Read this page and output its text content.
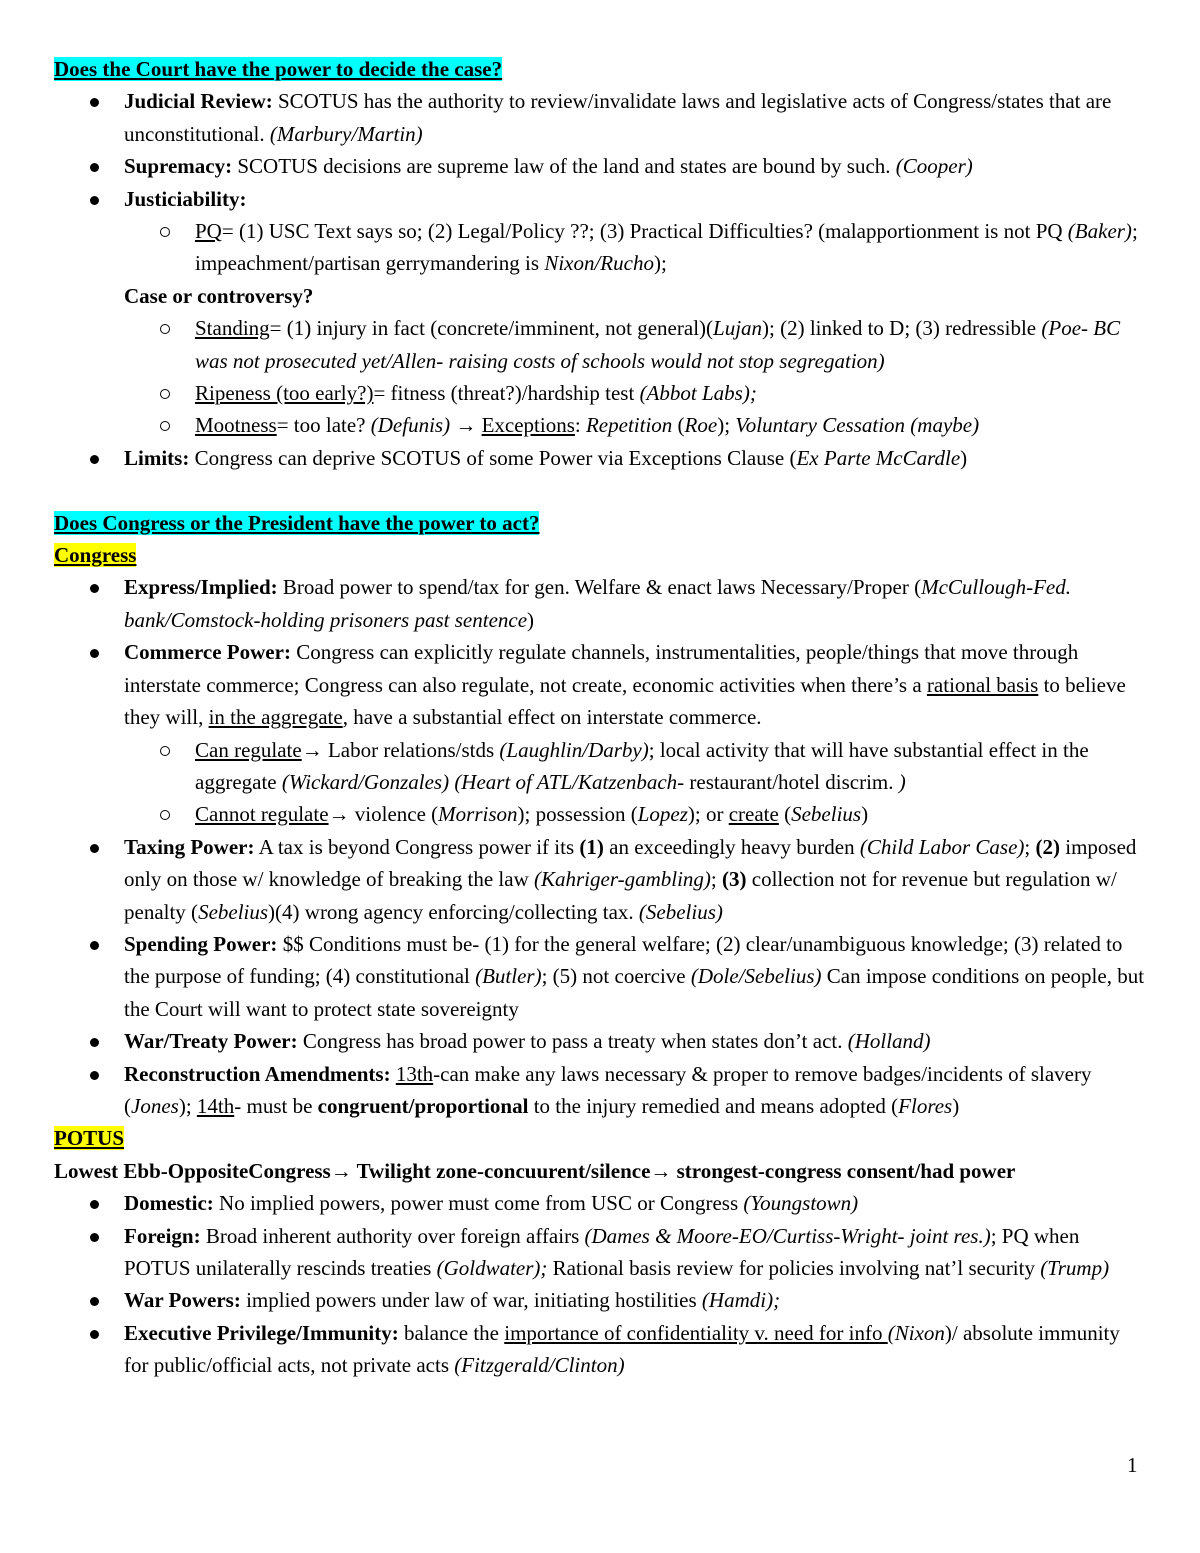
Does the Court have the power to decide the case?
Judicial Review: SCOTUS has the authority to review/invalidate laws and legislative acts of Congress/states that are unconstitutional. (Marbury/Martin)
Supremacy: SCOTUS decisions are supreme law of the land and states are bound by such. (Cooper)
Justiciability:
PQ= (1) USC Text says so; (2) Legal/Policy ??; (3) Practical Difficulties? (malapportionment is not PQ (Baker); impeachment/partisan gerrymandering is Nixon/Rucho);
Case or controversy?
Standing= (1) injury in fact (concrete/imminent, not general)(Lujan); (2) linked to D; (3) redressible (Poe- BC was not prosecuted yet/Allen- raising costs of schools would not stop segregation)
Ripeness (too early?)= fitness (threat?)/hardship test (Abbot Labs);
Mootness= too late? (Defunis) → Exceptions: Repetition (Roe); Voluntary Cessation (maybe)
Limits: Congress can deprive SCOTUS of some Power via Exceptions Clause (Ex Parte McCardle)
Does Congress or the President have the power to act?
Congress
Express/Implied: Broad power to spend/tax for gen. Welfare & enact laws Necessary/Proper (McCullough-Fed. bank/Comstock-holding prisoners past sentence)
Commerce Power: Congress can explicitly regulate channels, instrumentalities, people/things that move through interstate commerce; Congress can also regulate, not create, economic activities when there’s a rational basis to believe they will, in the aggregate, have a substantial effect on interstate commerce.
Can regulate→ Labor relations/stds (Laughlin/Darby); local activity that will have substantial effect in the aggregate (Wickard/Gonzales) (Heart of ATL/Katzenbach- restaurant/hotel discrim. )
Cannot regulate→ violence (Morrison); possession (Lopez); or create (Sebelius)
Taxing Power: A tax is beyond Congress power if its (1) an exceedingly heavy burden (Child Labor Case); (2) imposed only on those w/ knowledge of breaking the law (Kahriger-gambling); (3) collection not for revenue but regulation w/ penalty (Sebelius)(4) wrong agency enforcing/collecting tax. (Sebelius)
Spending Power: $$ Conditions must be- (1) for the general welfare; (2) clear/unambiguous knowledge; (3) related to the purpose of funding; (4) constitutional (Butler); (5) not coercive (Dole/Sebelius) Can impose conditions on people, but the Court will want to protect state sovereignty
War/Treaty Power: Congress has broad power to pass a treaty when states don’t act. (Holland)
Reconstruction Amendments: 13th-can make any laws necessary & proper to remove badges/incidents of slavery (Jones); 14th- must be congruent/proportional to the injury remedied and means adopted (Flores)
POTUS
Lowest Ebb-OppositeCongress→ Twilight zone-concuurent/silence→ strongest-congress consent/had power
Domestic: No implied powers, power must come from USC or Congress (Youngstown)
Foreign: Broad inherent authority over foreign affairs (Dames & Moore-EO/Curtiss-Wright- joint res.); PQ when POTUS unilaterally rescinds treaties (Goldwater); Rational basis review for policies involving nat’l security (Trump)
War Powers: implied powers under law of war, initiating hostilities (Hamdi);
Executive Privilege/Immunity: balance the importance of confidentiality v. need for info (Nixon)/ absolute immunity for public/official acts, not private acts (Fitzgerald/Clinton)
1
